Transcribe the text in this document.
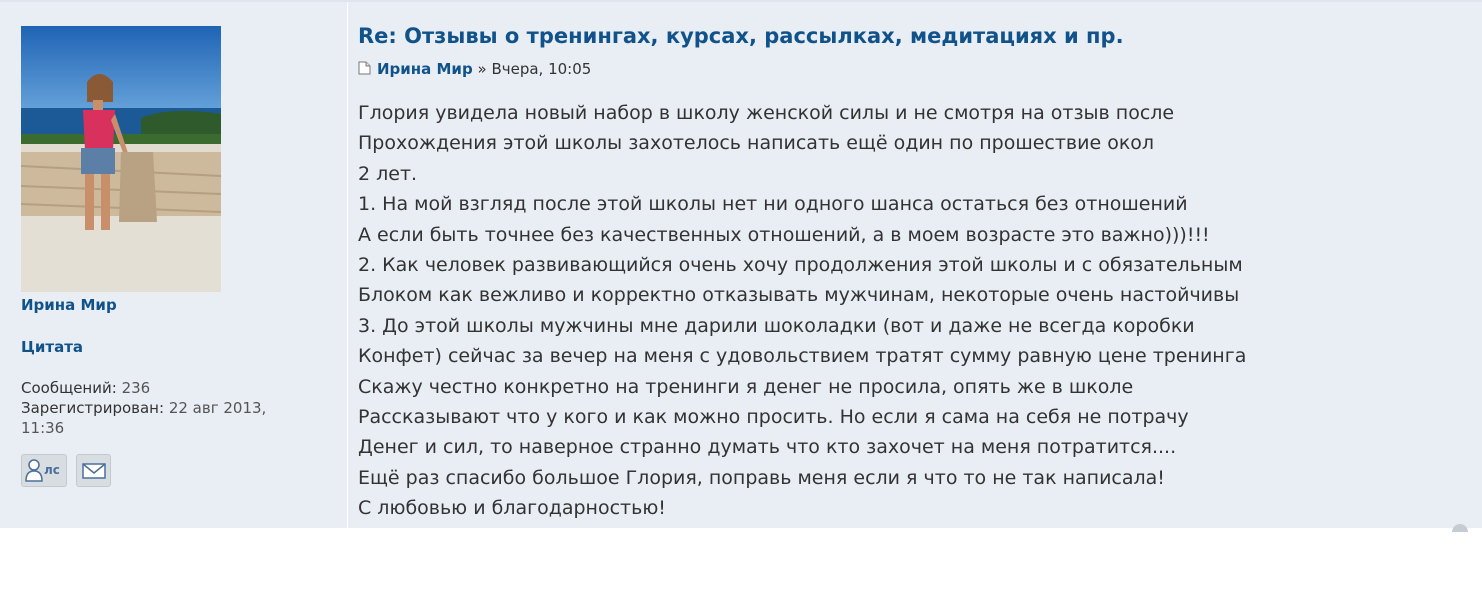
Ирина Мир
Цитата
Сообщений: 236
Зарегистрирован: 22 авг 2013,
11:36
лс
Re: Отзывы о тренингах, курсах, рассылках, медитациях и пр.
Ирина Мир » Вчера, 10:05
Глория увидела новый набор в школу женской силы и не смотря на отзыв после
Прохождения этой школы захотелось написать ещё один по прошествие окол
2 лет.
1. На мой взгляд после этой школы нет ни одного шанса остаться без отношений
А если быть точнее без качественных отношений, а в моем возрасте это важно)))!!!
2. Как человек развивающийся очень хочу продолжения этой школы и с обязательным
Блоком как вежливо и корректно отказывать мужчинам, некоторые очень настойчивы
3. До этой школы мужчины мне дарили шоколадки (вот и даже не всегда коробки
Конфет) сейчас за вечер на меня с удовольствием тратят сумму равную цене тренинга
Скажу честно конкретно на тренинги я денег не просила, опять же в школе
Рассказывают что у кого и как можно просить. Но если я сама на себя не потрачу
Денег и сил, то наверное странно думать что кто захочет на меня потратится....
Ещё раз спасибо большое Глория, поправь меня если я что то не так написала!
С любовью и благодарностью!
